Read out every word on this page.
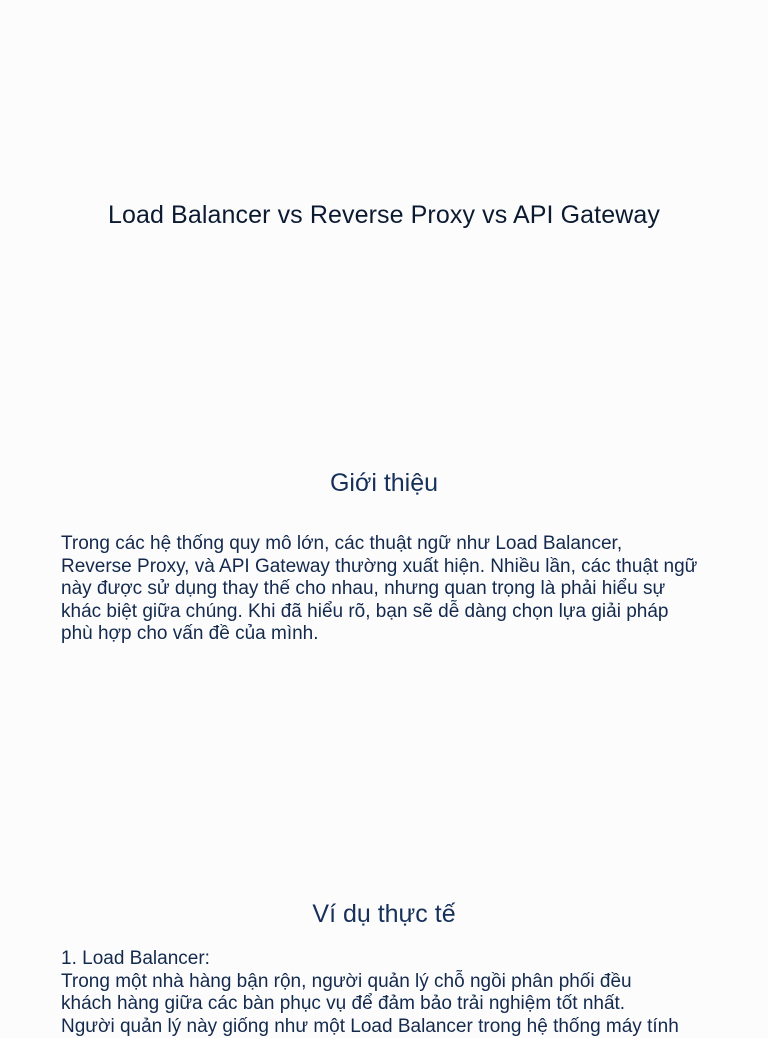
Load Balancer vs Reverse Proxy vs API Gateway
Giới thiệu

Trong các hệ thống quy mô lớn, các thuật ngữ như Load Balancer,
Reverse Proxy, và API Gateway thường xuất hiện. Nhiều lần, các thuật ngữ
này được sử dụng thay thế cho nhau, nhưng quan trọng là phải hiểu sự
khác biệt giữa chúng. Khi đã hiểu rõ, bạn sẽ dễ dàng chọn lựa giải pháp
phù hợp cho vấn đề của mình.

Ví dụ thực tế

1. Load Balancer:
Trong một nhà hàng bận rộn, người quản lý chỗ ngồi phân phối đều
khách hàng giữa các bàn phục vụ để đảm bảo trải nghiệm tốt nhất.
Người quản lý này giống như một Load Balancer trong hệ thống máy tính
